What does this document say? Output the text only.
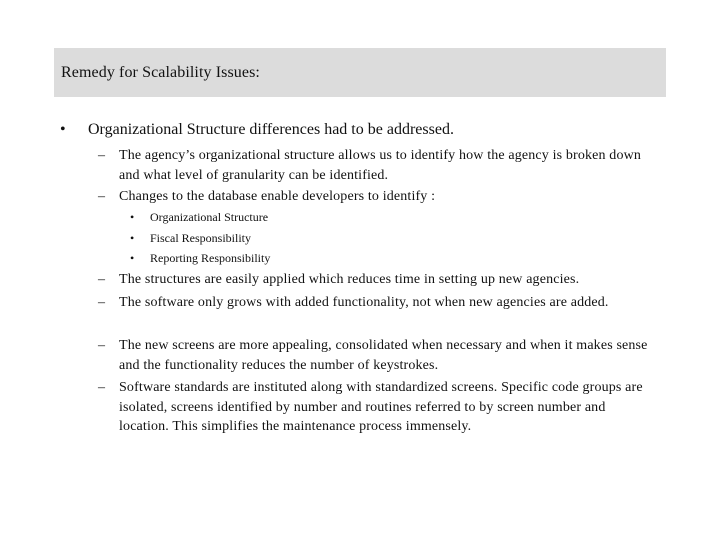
Remedy for Scalability Issues:
• Organizational Structure differences had to be addressed.
– The agency’s organizational structure allows us to identify how the agency is broken down and what level of granularity can be identified.
– Changes to the database enable developers to identify :
• Organizational Structure
• Fiscal Responsibility
• Reporting Responsibility
– The structures are easily applied which reduces time in setting up new agencies.
– The software only grows with added functionality, not when new agencies are added.
– The new screens are more appealing, consolidated when necessary and when it makes sense and the functionality reduces the number of keystrokes.
– Software standards are instituted along with standardized screens. Specific code groups are isolated, screens identified by number and routines referred to by screen number and location. This simplifies the maintenance process immensely.
